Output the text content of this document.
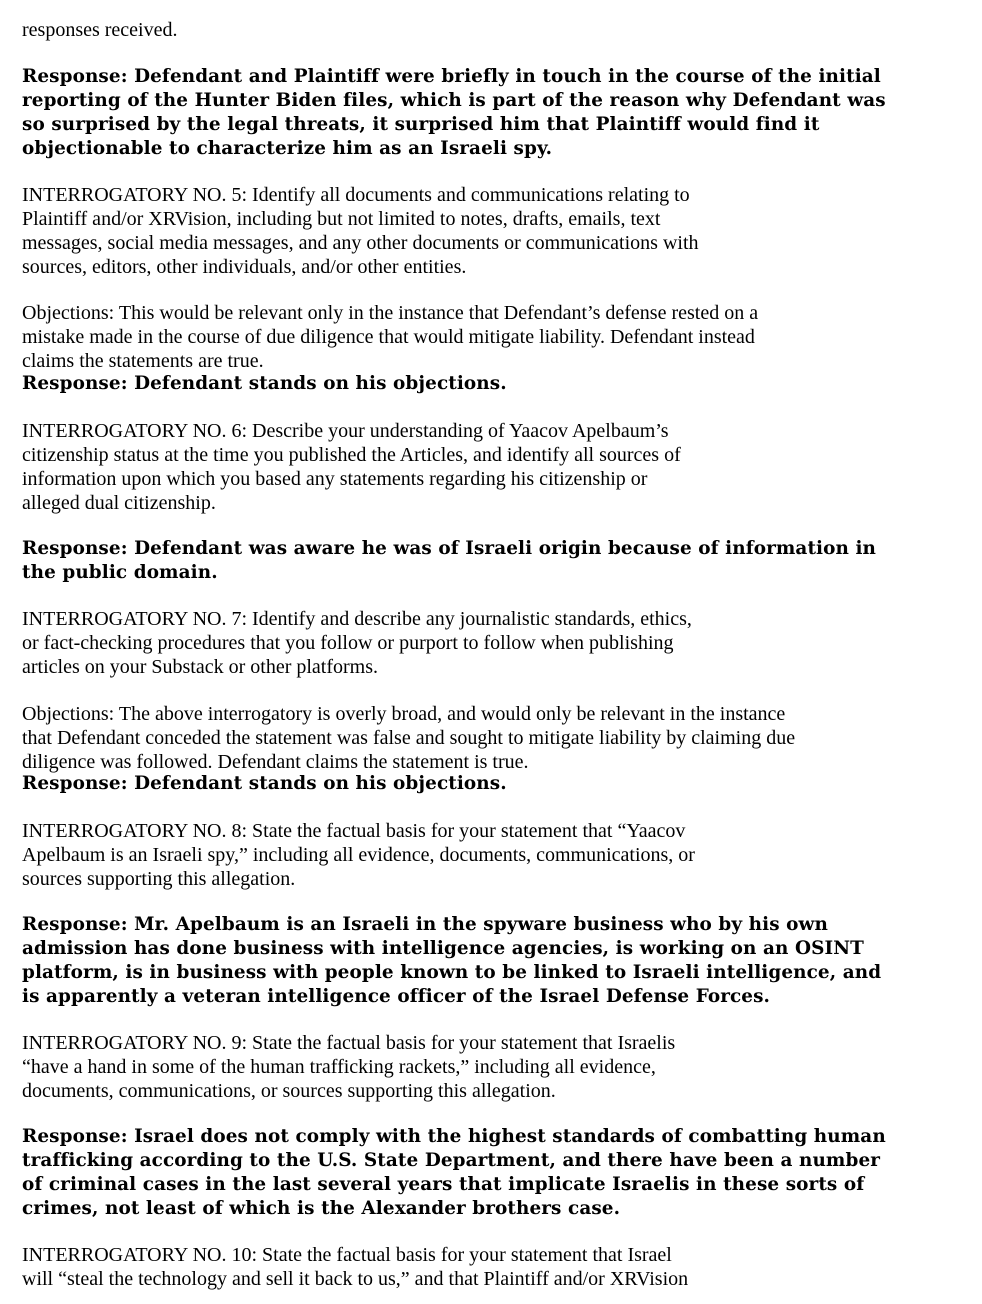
responses received.
Response: Defendant and Plaintiff were briefly in touch in the course of the initial
reporting of the Hunter Biden files, which is part of the reason why Defendant was
so surprised by the legal threats, it surprised him that Plaintiff would find it
objectionable to characterize him as an Israeli spy.
INTERROGATORY NO. 5: Identify all documents and communications relating to
Plaintiff and/or XRVision, including but not limited to notes, drafts, emails, text
messages, social media messages, and any other documents or communications with
sources, editors, other individuals, and/or other entities.
Objections: This would be relevant only in the instance that Defendant’s defense rested on a
mistake made in the course of due diligence that would mitigate liability. Defendant instead
claims the statements are true.
Response: Defendant stands on his objections.
INTERROGATORY NO. 6: Describe your understanding of Yaacov Apelbaum’s
citizenship status at the time you published the Articles, and identify all sources of
information upon which you based any statements regarding his citizenship or
alleged dual citizenship.
Response: Defendant was aware he was of Israeli origin because of information in
the public domain.
INTERROGATORY NO. 7: Identify and describe any journalistic standards, ethics,
or fact-checking procedures that you follow or purport to follow when publishing
articles on your Substack or other platforms.
Objections: The above interrogatory is overly broad, and would only be relevant in the instance
that Defendant conceded the statement was false and sought to mitigate liability by claiming due
diligence was followed. Defendant claims the statement is true.
Response: Defendant stands on his objections.
INTERROGATORY NO. 8: State the factual basis for your statement that “Yaacov
Apelbaum is an Israeli spy,” including all evidence, documents, communications, or
sources supporting this allegation.
Response: Mr. Apelbaum is an Israeli in the spyware business who by his own
admission has done business with intelligence agencies, is working on an OSINT
platform, is in business with people known to be linked to Israeli intelligence, and
is apparently a veteran intelligence officer of the Israel Defense Forces.
INTERROGATORY NO. 9: State the factual basis for your statement that Israelis
“have a hand in some of the human trafficking rackets,” including all evidence,
documents, communications, or sources supporting this allegation.
Response: Israel does not comply with the highest standards of combatting human
trafficking according to the U.S. State Department, and there have been a number
of criminal cases in the last several years that implicate Israelis in these sorts of
crimes, not least of which is the Alexander brothers case.
INTERROGATORY NO. 10: State the factual basis for your statement that Israel
will “steal the technology and sell it back to us,” and that Plaintiff and/or XRVision
